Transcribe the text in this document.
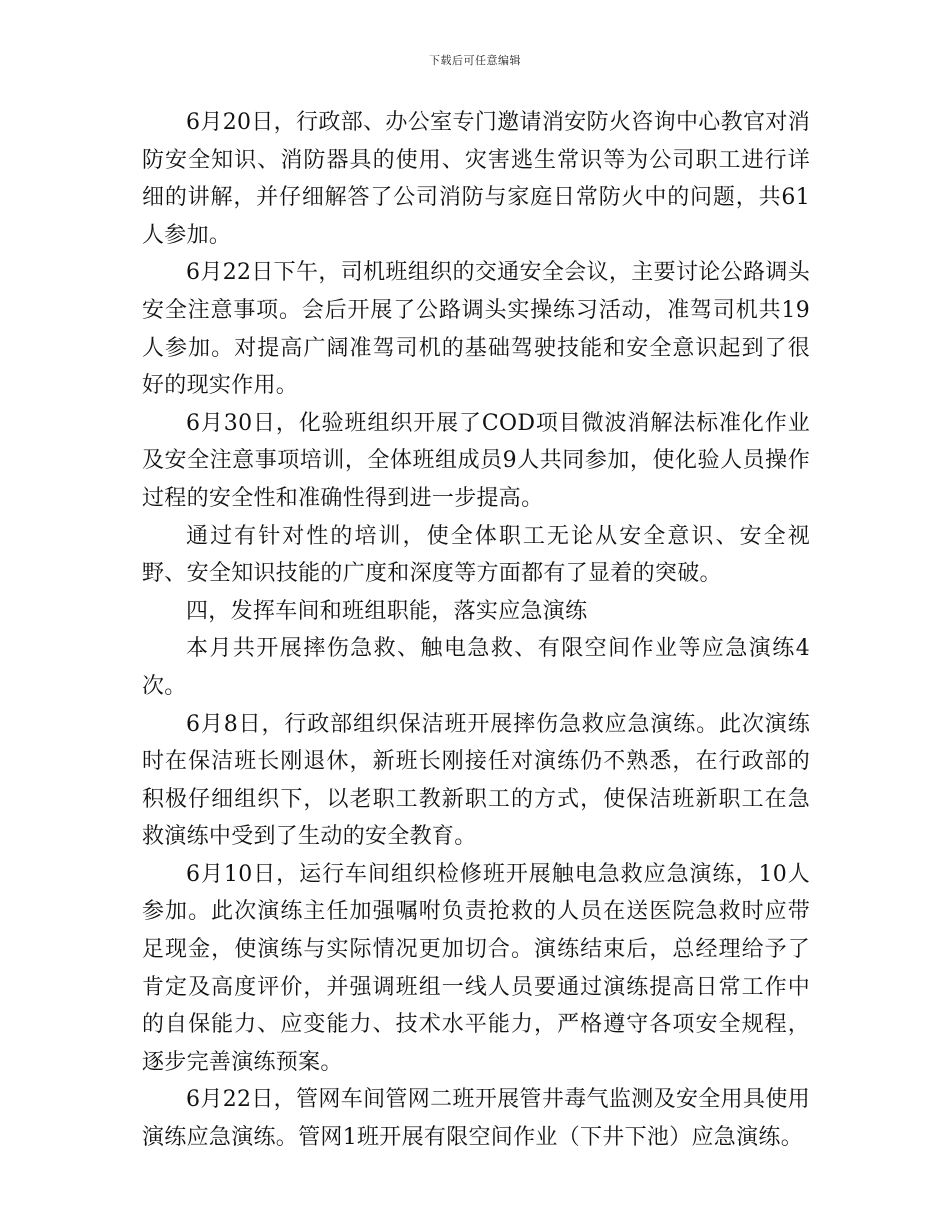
下载后可任意编辑

6月20日，行政部、办公室专门邀请消安防火咨询中心教官对消防安全知识、消防器具的使用、灾害逃生常识等为公司职工进行详细的讲解，并仔细解答了公司消防与家庭日常防火中的问题，共61人参加。

6月22日下午，司机班组织的交通安全会议，主要讨论公路调头安全注意事项。会后开展了公路调头实操练习活动，准驾司机共19人参加。对提高广阔准驾司机的基础驾驶技能和安全意识起到了很好的现实作用。

6月30日，化验班组织开展了COD项目微波消解法标准化作业及安全注意事项培训，全体班组成员9人共同参加，使化验人员操作过程的安全性和准确性得到进一步提高。

通过有针对性的培训，使全体职工无论从安全意识、安全视野、安全知识技能的广度和深度等方面都有了显着的突破。

四，发挥车间和班组职能，落实应急演练

本月共开展摔伤急救、触电急救、有限空间作业等应急演练4次。

6月8日，行政部组织保洁班开展摔伤急救应急演练。此次演练时在保洁班长刚退休，新班长刚接任对演练仍不熟悉，在行政部的积极仔细组织下，以老职工教新职工的方式，使保洁班新职工在急救演练中受到了生动的安全教育。

6月10日，运行车间组织检修班开展触电急救应急演练，10人参加。此次演练主任加强嘱咐负责抢救的人员在送医院急救时应带足现金，使演练与实际情况更加切合。演练结束后，总经理给予了肯定及高度评价，并强调班组一线人员要通过演练提高日常工作中的自保能力、应变能力、技术水平能力，严格遵守各项安全规程，逐步完善演练预案。

6月22日，管网车间管网二班开展管井毒气监测及安全用具使用演练应急演练。管网1班开展有限空间作业（下井下池）应急演练。
